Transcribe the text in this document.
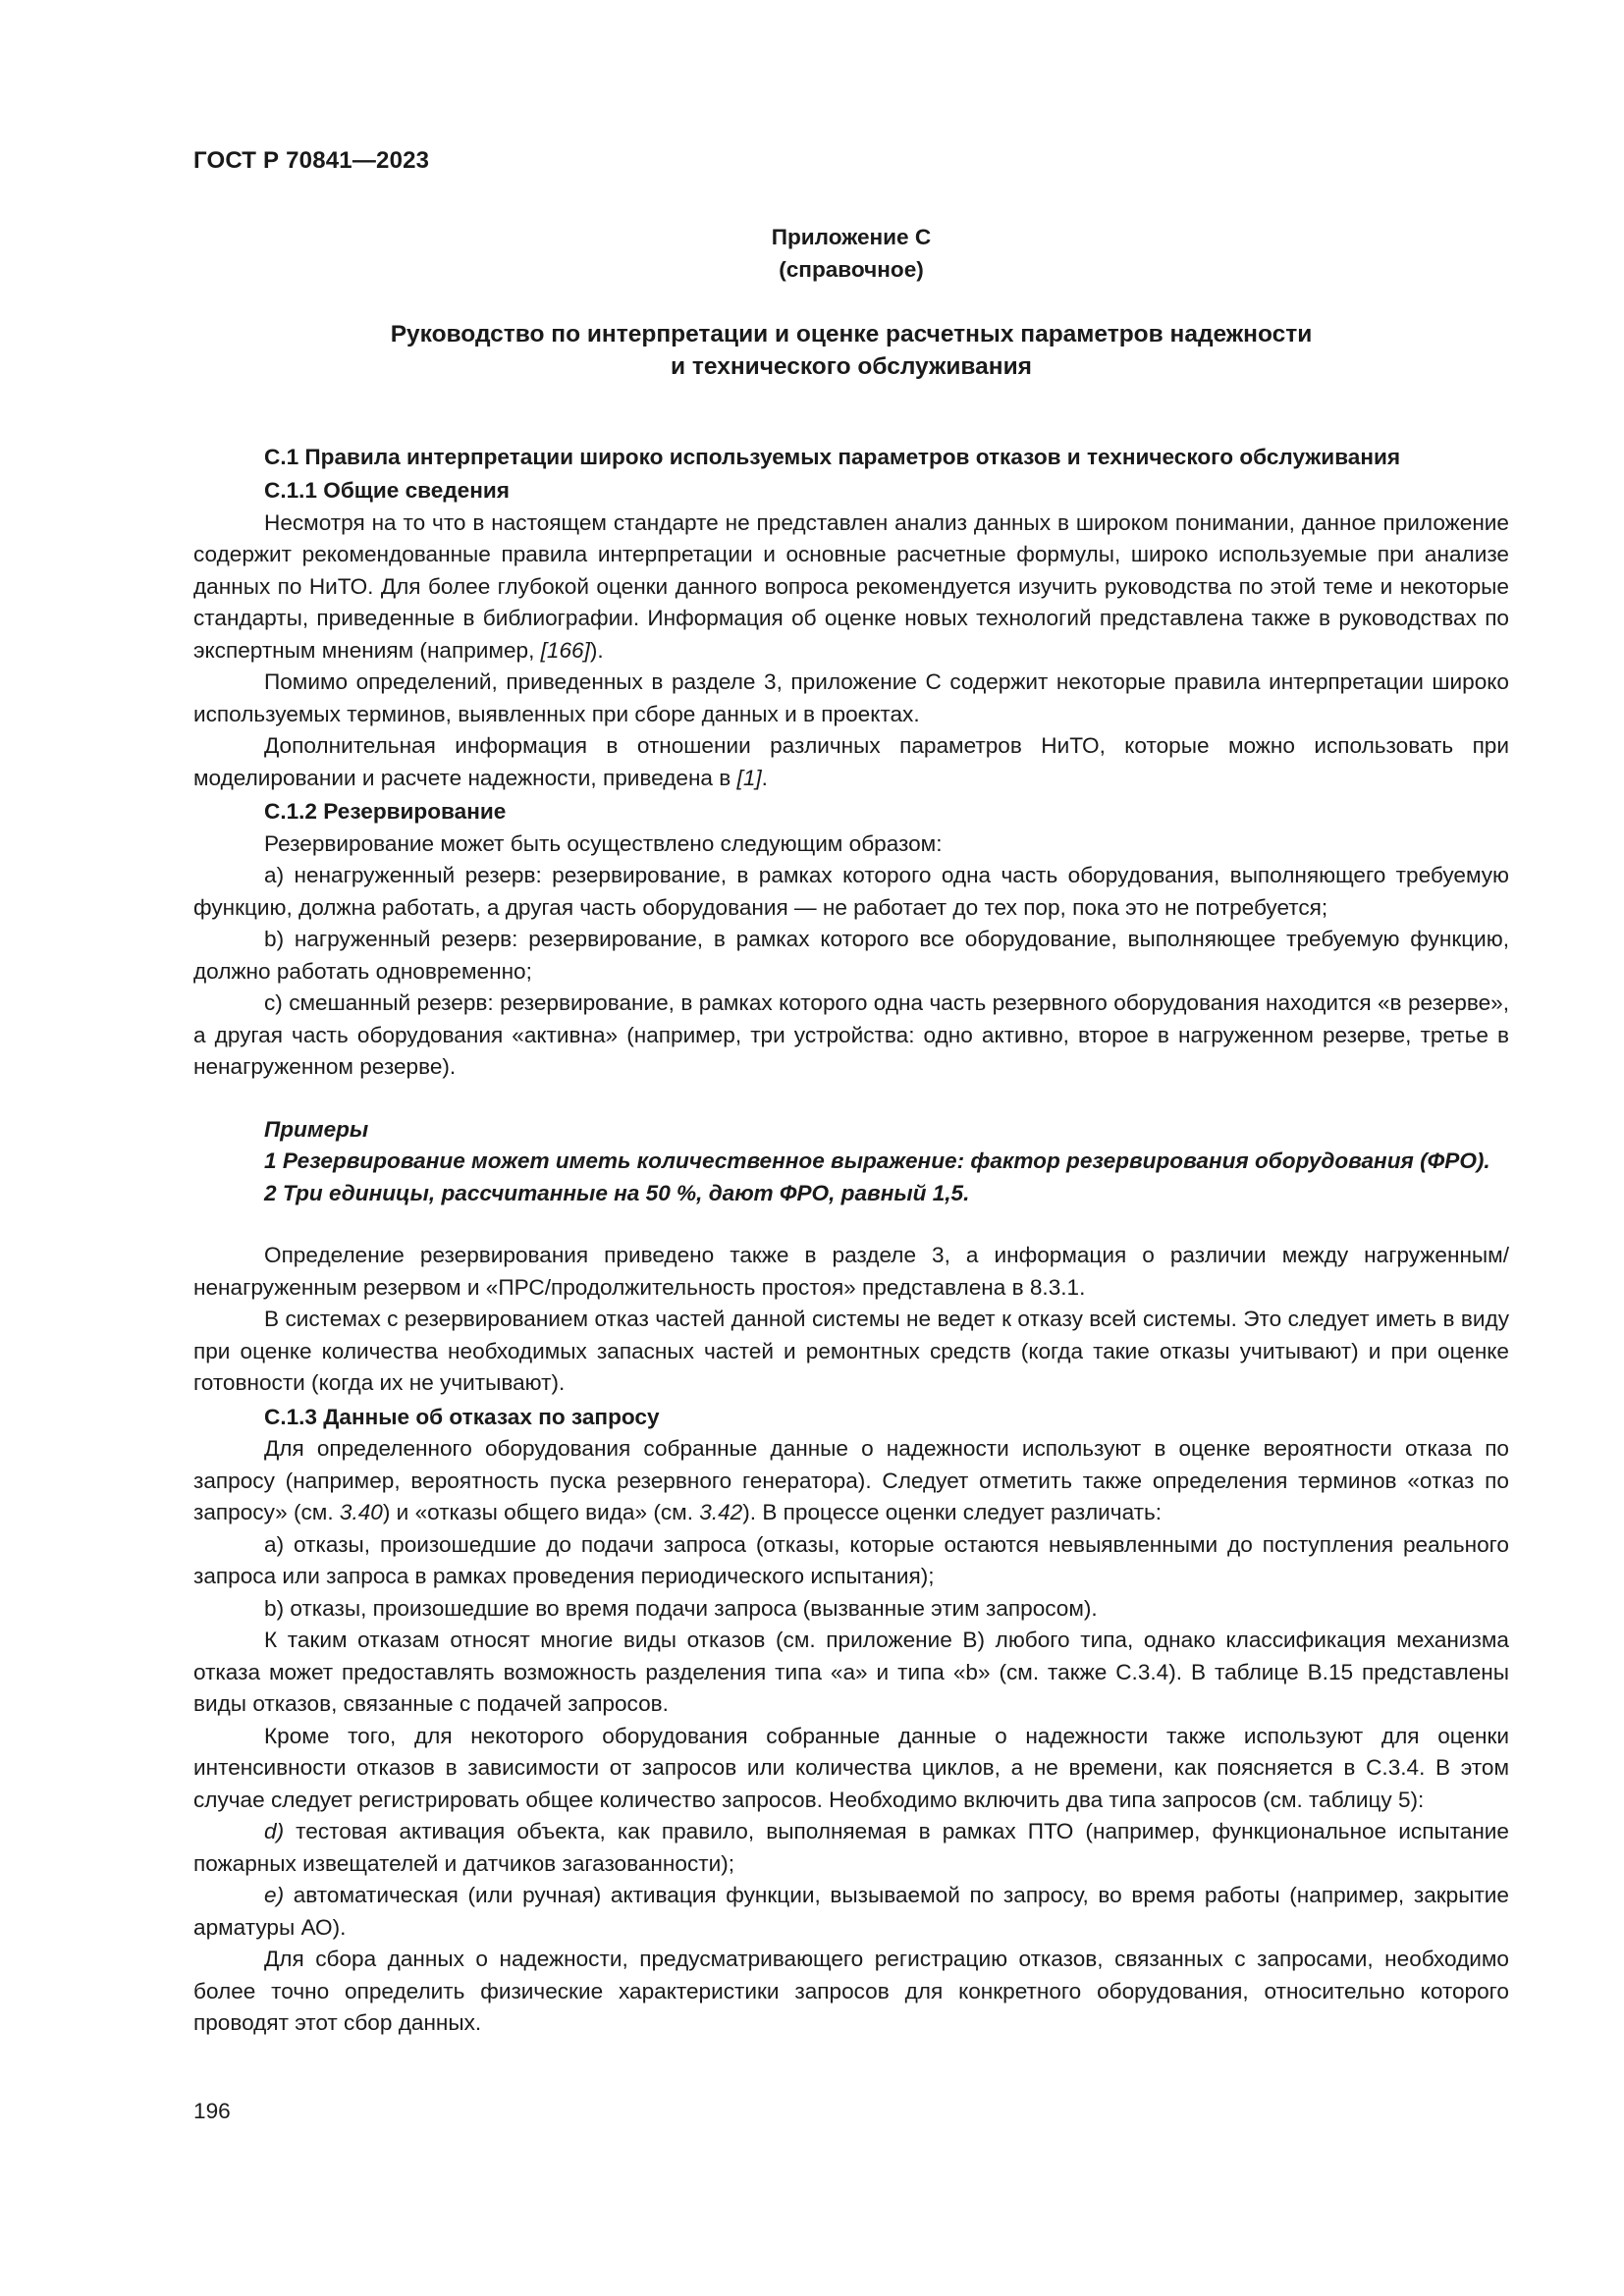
ГОСТ Р 70841—2023
Приложение С
(справочное)
Руководство по интерпретации и оценке расчетных параметров надежности
и технического обслуживания
С.1 Правила интерпретации широко используемых параметров отказов и технического обслуживания
С.1.1 Общие сведения

Несмотря на то что в настоящем стандарте не представлен анализ данных в широком понимании, данное приложение содержит рекомендованные правила интерпретации и основные расчетные формулы, широко используемые при анализе данных по НиТО. Для более глубокой оценки данного вопроса рекомендуется изучить руководства по этой теме и некоторые стандарты, приведенные в библиографии. Информация об оценке новых технологий представлена также в руководствах по экспертным мнениям (например, [166]).

Помимо определений, приведенных в разделе 3, приложение С содержит некоторые правила интерпретации широко используемых терминов, выявленных при сборе данных и в проектах.

Дополнительная информация в отношении различных параметров НиТО, которые можно использовать при моделировании и расчете надежности, приведена в [1].

С.1.2 Резервирование

Резервирование может быть осуществлено следующим образом:

a) ненагруженный резерв: резервирование, в рамках которого одна часть оборудования, выполняющего требуемую функцию, должна работать, а другая часть оборудования — не работает до тех пор, пока это не потребуется;

b) нагруженный резерв: резервирование, в рамках которого все оборудование, выполняющее требуемую функцию, должно работать одновременно;

c) смешанный резерв: резервирование, в рамках которого одна часть резервного оборудования находится «в резерве», а другая часть оборудования «активна» (например, три устройства: одно активно, второе в нагруженном резерве, третье в ненагруженном резерве).

Примеры

1 Резервирование может иметь количественное выражение: фактор резервирования оборудования (ФРО).

2 Три единицы, рассчитанные на 50 %, дают ФРО, равный 1,5.

Определение резервирования приведено также в разделе 3, а информация о различии между нагруженным/ненагруженным резервом и «ПРС/продолжительность простоя» представлена в 8.3.1.

В системах с резервированием отказ частей данной системы не ведет к отказу всей системы. Это следует иметь в виду при оценке количества необходимых запасных частей и ремонтных средств (когда такие отказы учитывают) и при оценке готовности (когда их не учитывают).

С.1.3 Данные об отказах по запросу

Для определенного оборудования собранные данные о надежности используют в оценке вероятности отказа по запросу (например, вероятность пуска резервного генератора). Следует отметить также определения терминов «отказ по запросу» (см. 3.40) и «отказы общего вида» (см. 3.42). В процессе оценки следует различать:

a) отказы, произошедшие до подачи запроса (отказы, которые остаются невыявленными до поступления реального запроса или запроса в рамках проведения периодического испытания);

b) отказы, произошедшие во время подачи запроса (вызванные этим запросом).

К таким отказам относят многие виды отказов (см. приложение В) любого типа, однако классификация механизма отказа может предоставлять возможность разделения типа «а» и типа «b» (см. также С.3.4). В таблице В.15 представлены виды отказов, связанные с подачей запросов.

Кроме того, для некоторого оборудования собранные данные о надежности также используют для оценки интенсивности отказов в зависимости от запросов или количества циклов, а не времени, как поясняется в С.3.4. В этом случае следует регистрировать общее количество запросов. Необходимо включить два типа запросов (см. таблицу 5):

d) тестовая активация объекта, как правило, выполняемая в рамках ПТО (например, функциональное испытание пожарных извещателей и датчиков загазованности);

e) автоматическая (или ручная) активация функции, вызываемой по запросу, во время работы (например, закрытие арматуры АО).

Для сбора данных о надежности, предусматривающего регистрацию отказов, связанных с запросами, необходимо более точно определить физические характеристики запросов для конкретного оборудования, относительно которого проводят этот сбор данных.

196
